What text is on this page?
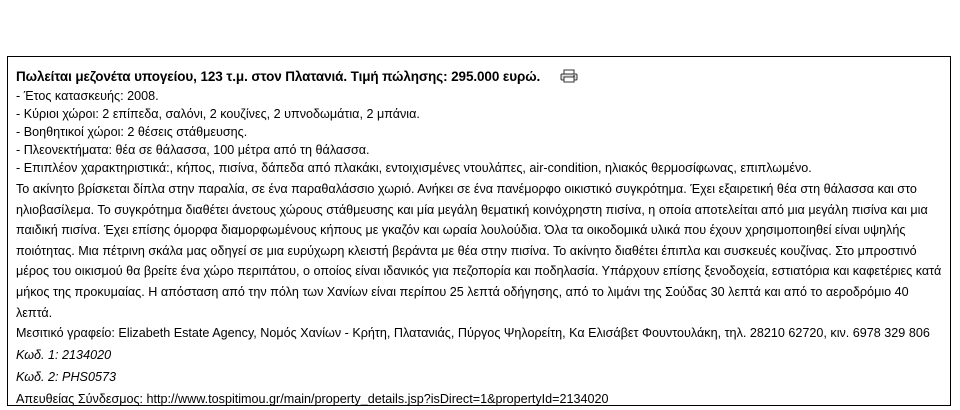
Πωλείται μεζονέτα υπογείου, 123 τ.μ. στον Πλατανιά. Τιμή πώλησης: 295.000 ευρώ.
- Έτος κατασκευής: 2008.
- Κύριοι χώροι: 2 επίπεδα, σαλόνι, 2 κουζίνες, 2 υπνοδωμάτια, 2 μπάνια.
- Βοηθητικοί χώροι: 2 θέσεις στάθμευσης.
- Πλεονεκτήματα: θέα σε θάλασσα, 100 μέτρα από τη θάλασσα.
- Επιπλέον χαρακτηριστικά:, κήπος, πισίνα, δάπεδα από πλακάκι, εντοιχισμένες ντουλάπες, air-condition, ηλιακός θερμοσίφωνας, επιπλωμένο.
Το ακίνητο βρίσκεται δίπλα στην παραλία, σε ένα παραθαλάσσιο χωριό. Ανήκει σε ένα πανέμορφο οικιστικό συγκρότημα. Έχει εξαιρετική θέα στη θάλασσα και στο ηλιοβασίλεμα. Το συγκρότημα διαθέτει άνετους χώρους στάθμευσης και μία μεγάλη θεματική κοινόχρηστη πισίνα, η οποία αποτελείται από μια μεγάλη πισίνα και μια παιδική πισίνα. Έχει επίσης όμορφα διαμορφωμένους κήπους με γκαζόν και ωραία λουλούδια. Όλα τα οικοδομικά υλικά που έχουν χρησιμοποιηθεί είναι υψηλής ποιότητας. Μια πέτρινη σκάλα μας οδηγεί σε μια ευρύχωρη κλειστή βεράντα με θέα στην πισίνα. Το ακίνητο διαθέτει έπιπλα και συσκευές κουζίνας. Στο μπροστινό μέρος του οικισμού θα βρείτε ένα χώρο περιπάτου, ο οποίος είναι ιδανικός για πεζοπορία και ποδηλασία. Υπάρχουν επίσης ξενοδοχεία, εστιατόρια και καφετέριες κατά μήκος της προκυμαίας. Η απόσταση από την πόλη των Χανίων είναι περίπου 25 λεπτά οδήγησης, από το λιμάνι της Σούδας 30 λεπτά και από το αεροδρόμιο 40 λεπτά.
Μεσιτικό γραφείο: Elizabeth Estate Agency, Νομός Χανίων - Κρήτη, Πλατανιάς, Πύργος Ψηλορείτη, Κα Ελισάβετ Φουντουλάκη, τηλ. 28210 62720, κιν. 6978 329 806
Κωδ. 1: 2134020
Κωδ. 2: PHS0573
Απευθείας Σύνδεσμος: http://www.tospitimou.gr/main/property_details.jsp?isDirect=1&propertyId=2134020
